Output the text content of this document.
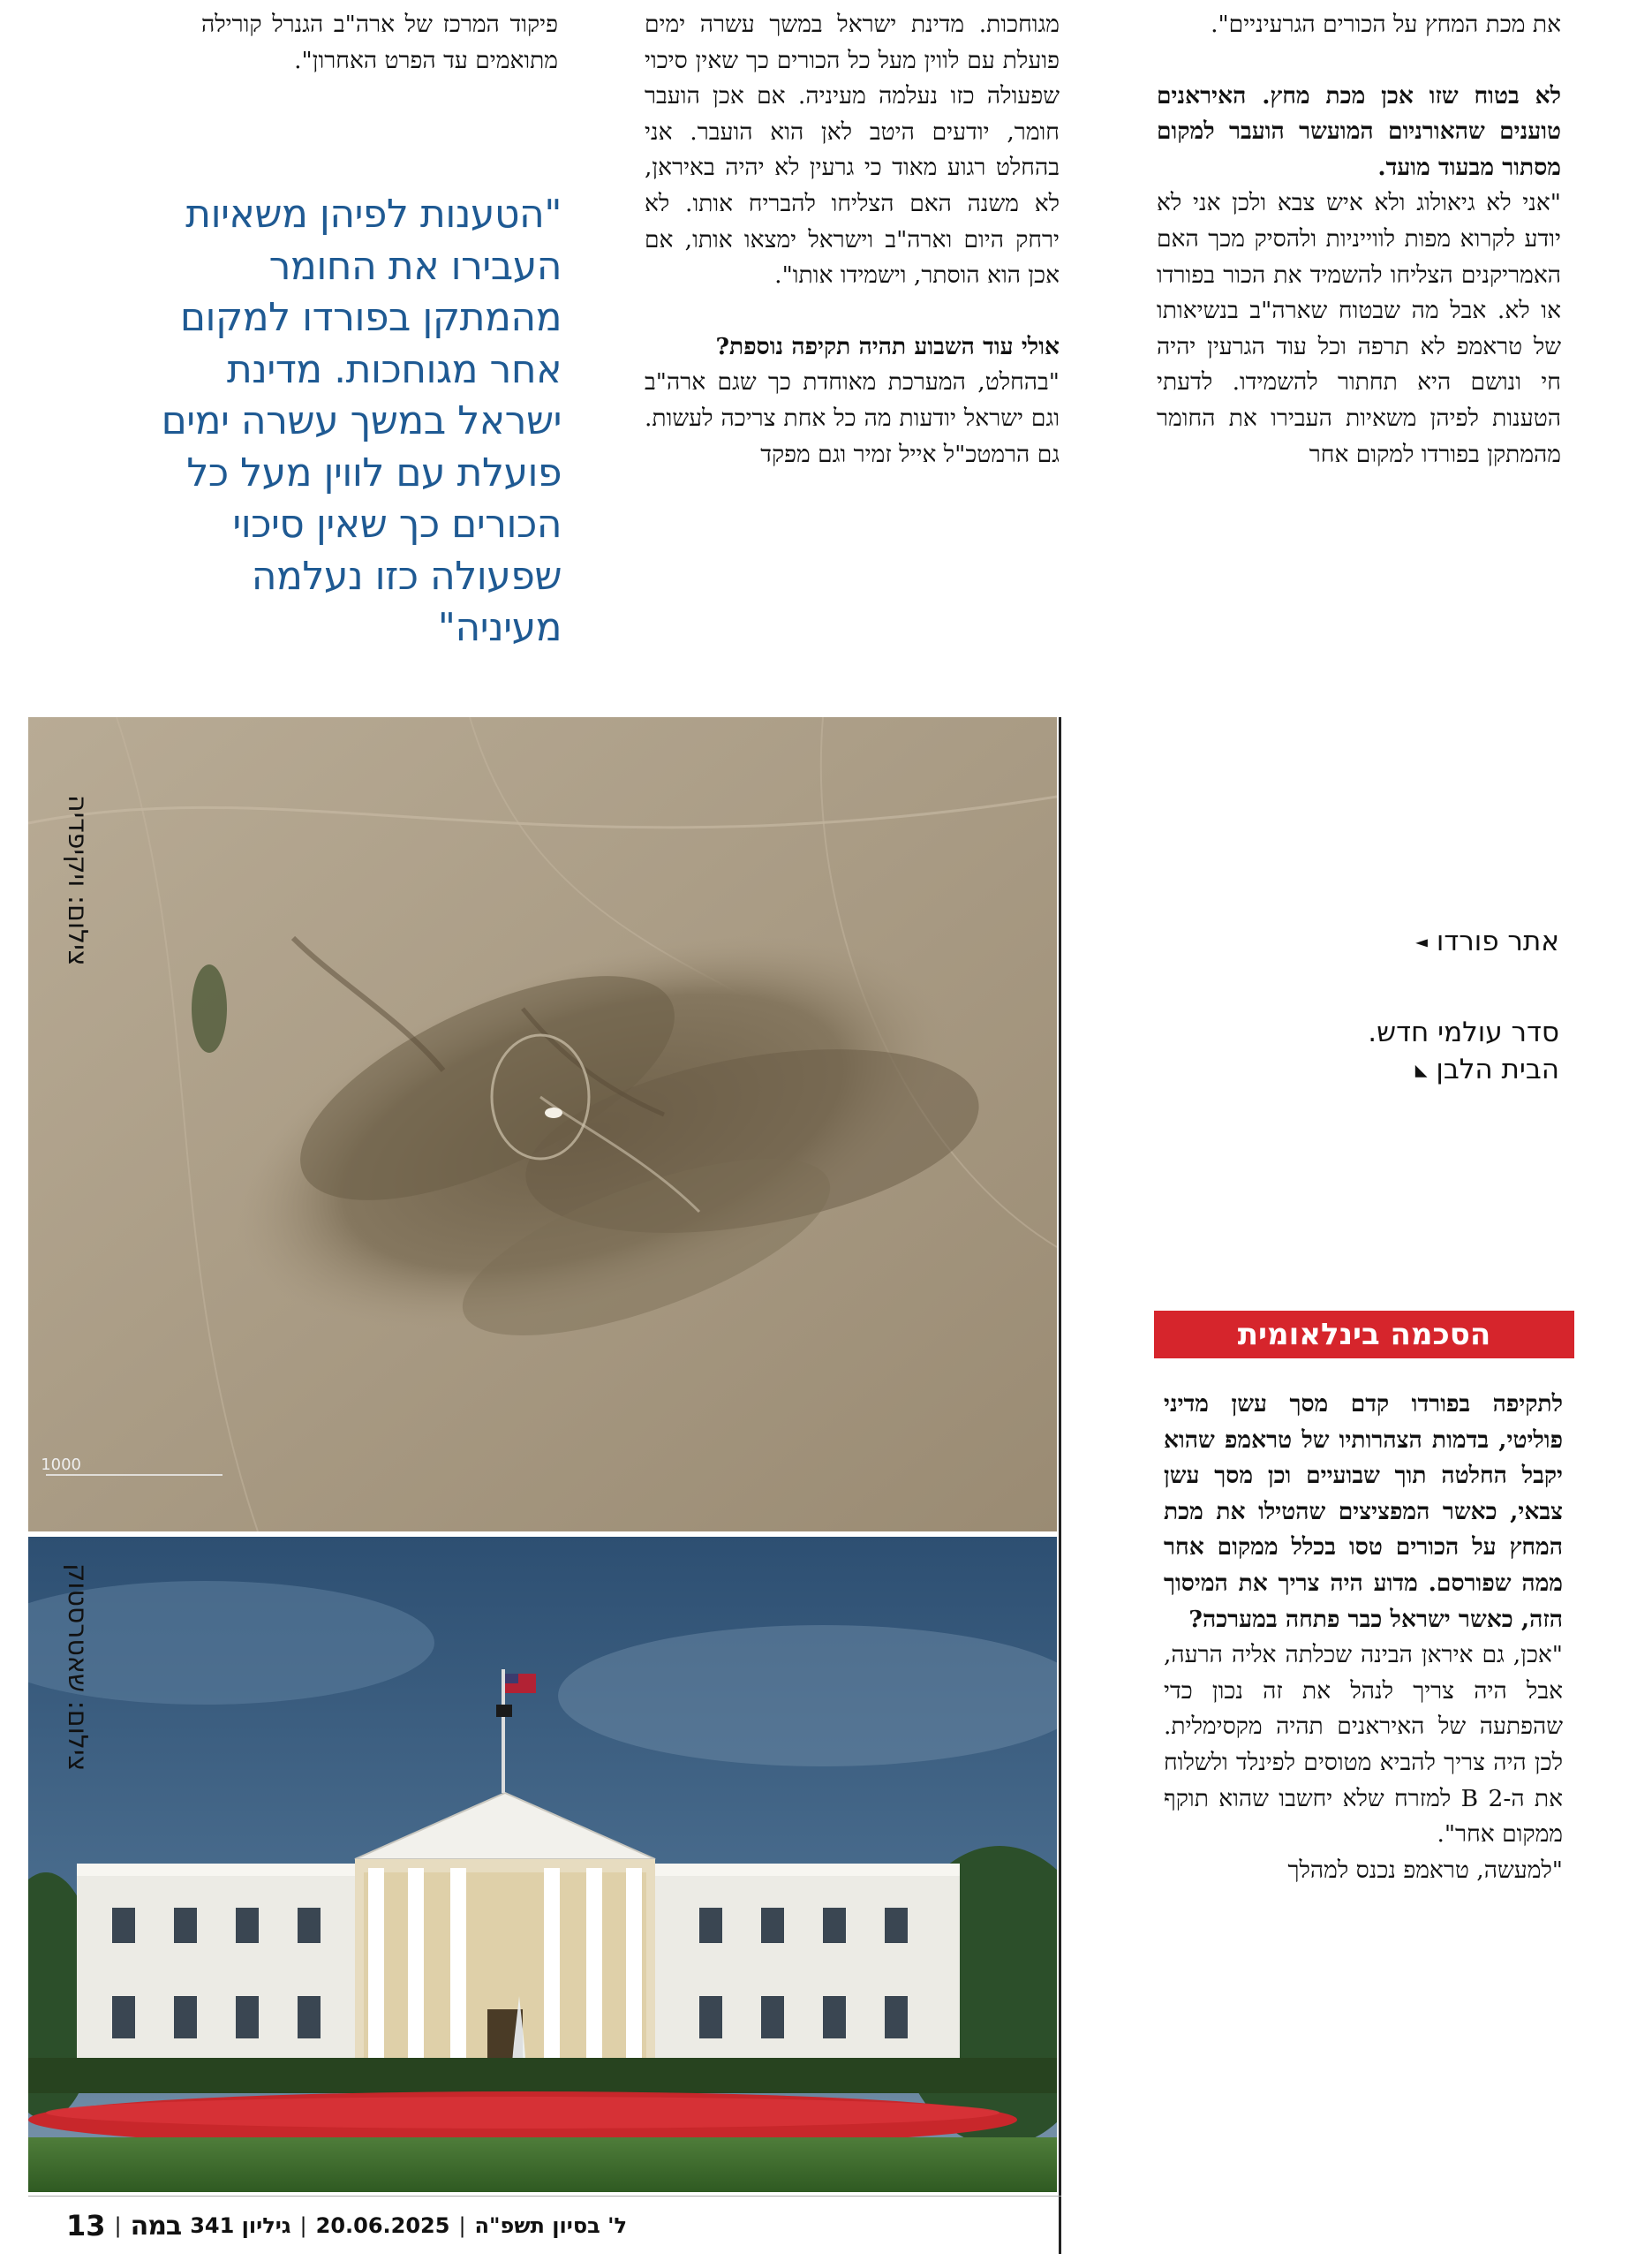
את מכת המחץ על הכורים הגרעיניים".

לא בטוח שזו אכן מכת מחץ. האיראנים טוענים שהאורניום המועשר הועבר למקום מסתור מבעוד מועד.

"אני לא גיאולוג ולא איש צבא ולכן אני לא יודע לקרוא מפות לווייניות ולהסיק מכך האם האמריקנים הצליחו להשמיד את הכור בפורדו או לא. אבל מה שבטוח שארה"ב בנשיאותו של טראמפ לא תרפה וכל עוד הגרעין יהיה חי ונושם היא תחתור להשמידו. לדעתי הטענות לפיהן משאיות העבירו את החומר מהמתקן בפורדו למקום אחר

מגוחכות. מדינת ישראל במשך עשרה ימים פועלת עם לווין מעל כל הכורים כך שאין סיכוי שפעולה כזו נעלמה מעיניה. אם אכן הועבר חומר, יודעים היטב לאן הוא הועבר. אני בהחלט רגוע מאוד כי גרעין לא יהיה באיראן, לא משנה האם הצליחו להבריח אותו. לא ירחק היום וארה"ב וישראל ימצאו אותו, אם אכן הוא הוסתר, וישמידו אותו".

אולי עוד השבוע תהיה תקיפה נוספת?

"בהחלט, המערכת מאוחדת כך שגם ארה"ב וגם ישראל יודעות מה כל אחת צריכה לעשות. גם הרמטכ"ל אייל זמיר וגם מפקד

פיקוד המרכז של ארה"ב הגנרל קורילה מתואמים עד הפרט האחרון".

"הטענות לפיהן משאיות העבירו את החומר מהמתקן בפורדו למקום אחר מגוחכות. מדינת ישראל במשך עשרה ימים פועלת עם לווין מעל כל הכורים כך שאין סיכוי שפעולה כזו נעלמה מעיניה"
1000
צילום: ויקיפדיה
צילום: שאטרסטוק
אתר פורדו ◄
סדר עולמי חדש.
הבית הלבן ◣
הסכמה בינלאומית

לתקיפה בפורדו קדם מסך עשן מדיני פוליטי, בדמות הצהרותיו של טראמפ שהוא יקבל החלטה תוך שבועיים וכן מסך עשן צבאי, כאשר המפציצים שהטילו את מכת המחץ על הכורים טסו בכלל ממקום אחר ממה שפורסם. מדוע היה צריך את המיסוך הזה, כאשר ישראל כבר פתחה במערכה?

"אכן, גם איראן הבינה שכלתה אליה הרעה, אבל היה צריך לנהל את זה נכון כדי שהפתעה של האיראנים תהיה מקסימלית. לכן היה צריך להביא מטוסים לפינלד ולשלוח את ה-B 2 למזרח שלא יחשבו שהוא תוקף ממקום אחר".

"למעשה, טראמפ נכנס למהלך

ל' בסיון תשפ"ה
|
20.06.2025
|
גיליון 341
במה
|
13
